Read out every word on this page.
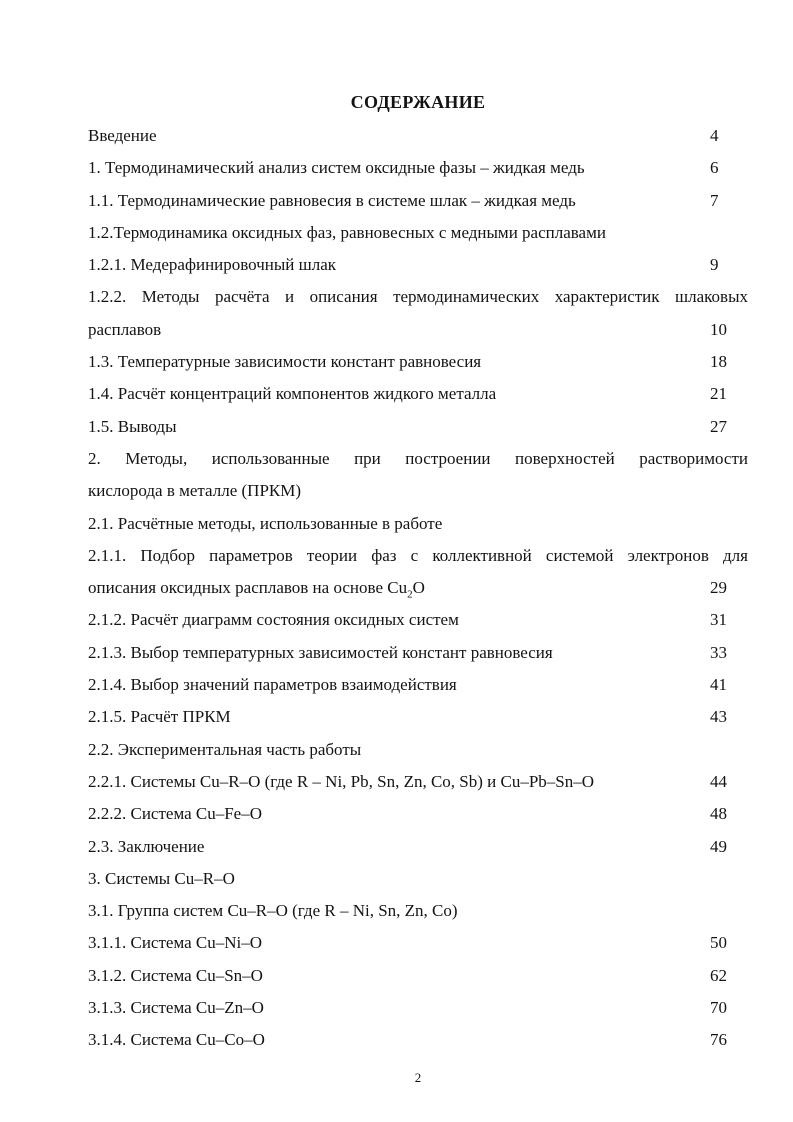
СОДЕРЖАНИЕ
Введение	4
1. Термодинамический анализ систем оксидные фазы – жидкая медь	6
1.1. Термодинамические равновесия в системе шлак – жидкая медь	7
1.2.Термодинамика оксидных фаз, равновесных с медными расплавами
1.2.1. Медерафинировочный шлак	9
1.2.2. Методы расчёта и описания термодинамических характеристик шлаковых
расплавов	10
1.3. Температурные зависимости констант равновесия	18
1.4. Расчёт концентраций компонентов жидкого металла	21
1.5. Выводы	27
2. Методы, использованные при построении поверхностей растворимости
кислорода в металле (ПРКМ)
2.1. Расчётные методы, использованные в работе
2.1.1. Подбор параметров теории фаз с коллективной системой электронов для
описания оксидных расплавов на основе $Cu_2O$	29
2.1.2. Расчёт диаграмм состояния оксидных систем	31
2.1.3. Выбор температурных зависимостей констант равновесия	33
2.1.4. Выбор значений параметров взаимодействия	41
2.1.5. Расчёт ПРКМ	43
2.2. Экспериментальная часть работы
2.2.1. Системы Cu–R–O (где R – Ni, Pb, Sn, Zn, Co, Sb) и Cu–Pb–Sn–O	44
2.2.2. Система Cu–Fe–O	48
2.3. Заключение	49
3. Системы Cu–R–O
3.1. Группа систем Cu–R–O (где R – Ni, Sn, Zn, Co)
3.1.1. Система Cu–Ni–O	50
3.1.2. Система Cu–Sn–O	62
3.1.3. Система Cu–Zn–O	70
3.1.4. Система Cu–Co–O	76
2
